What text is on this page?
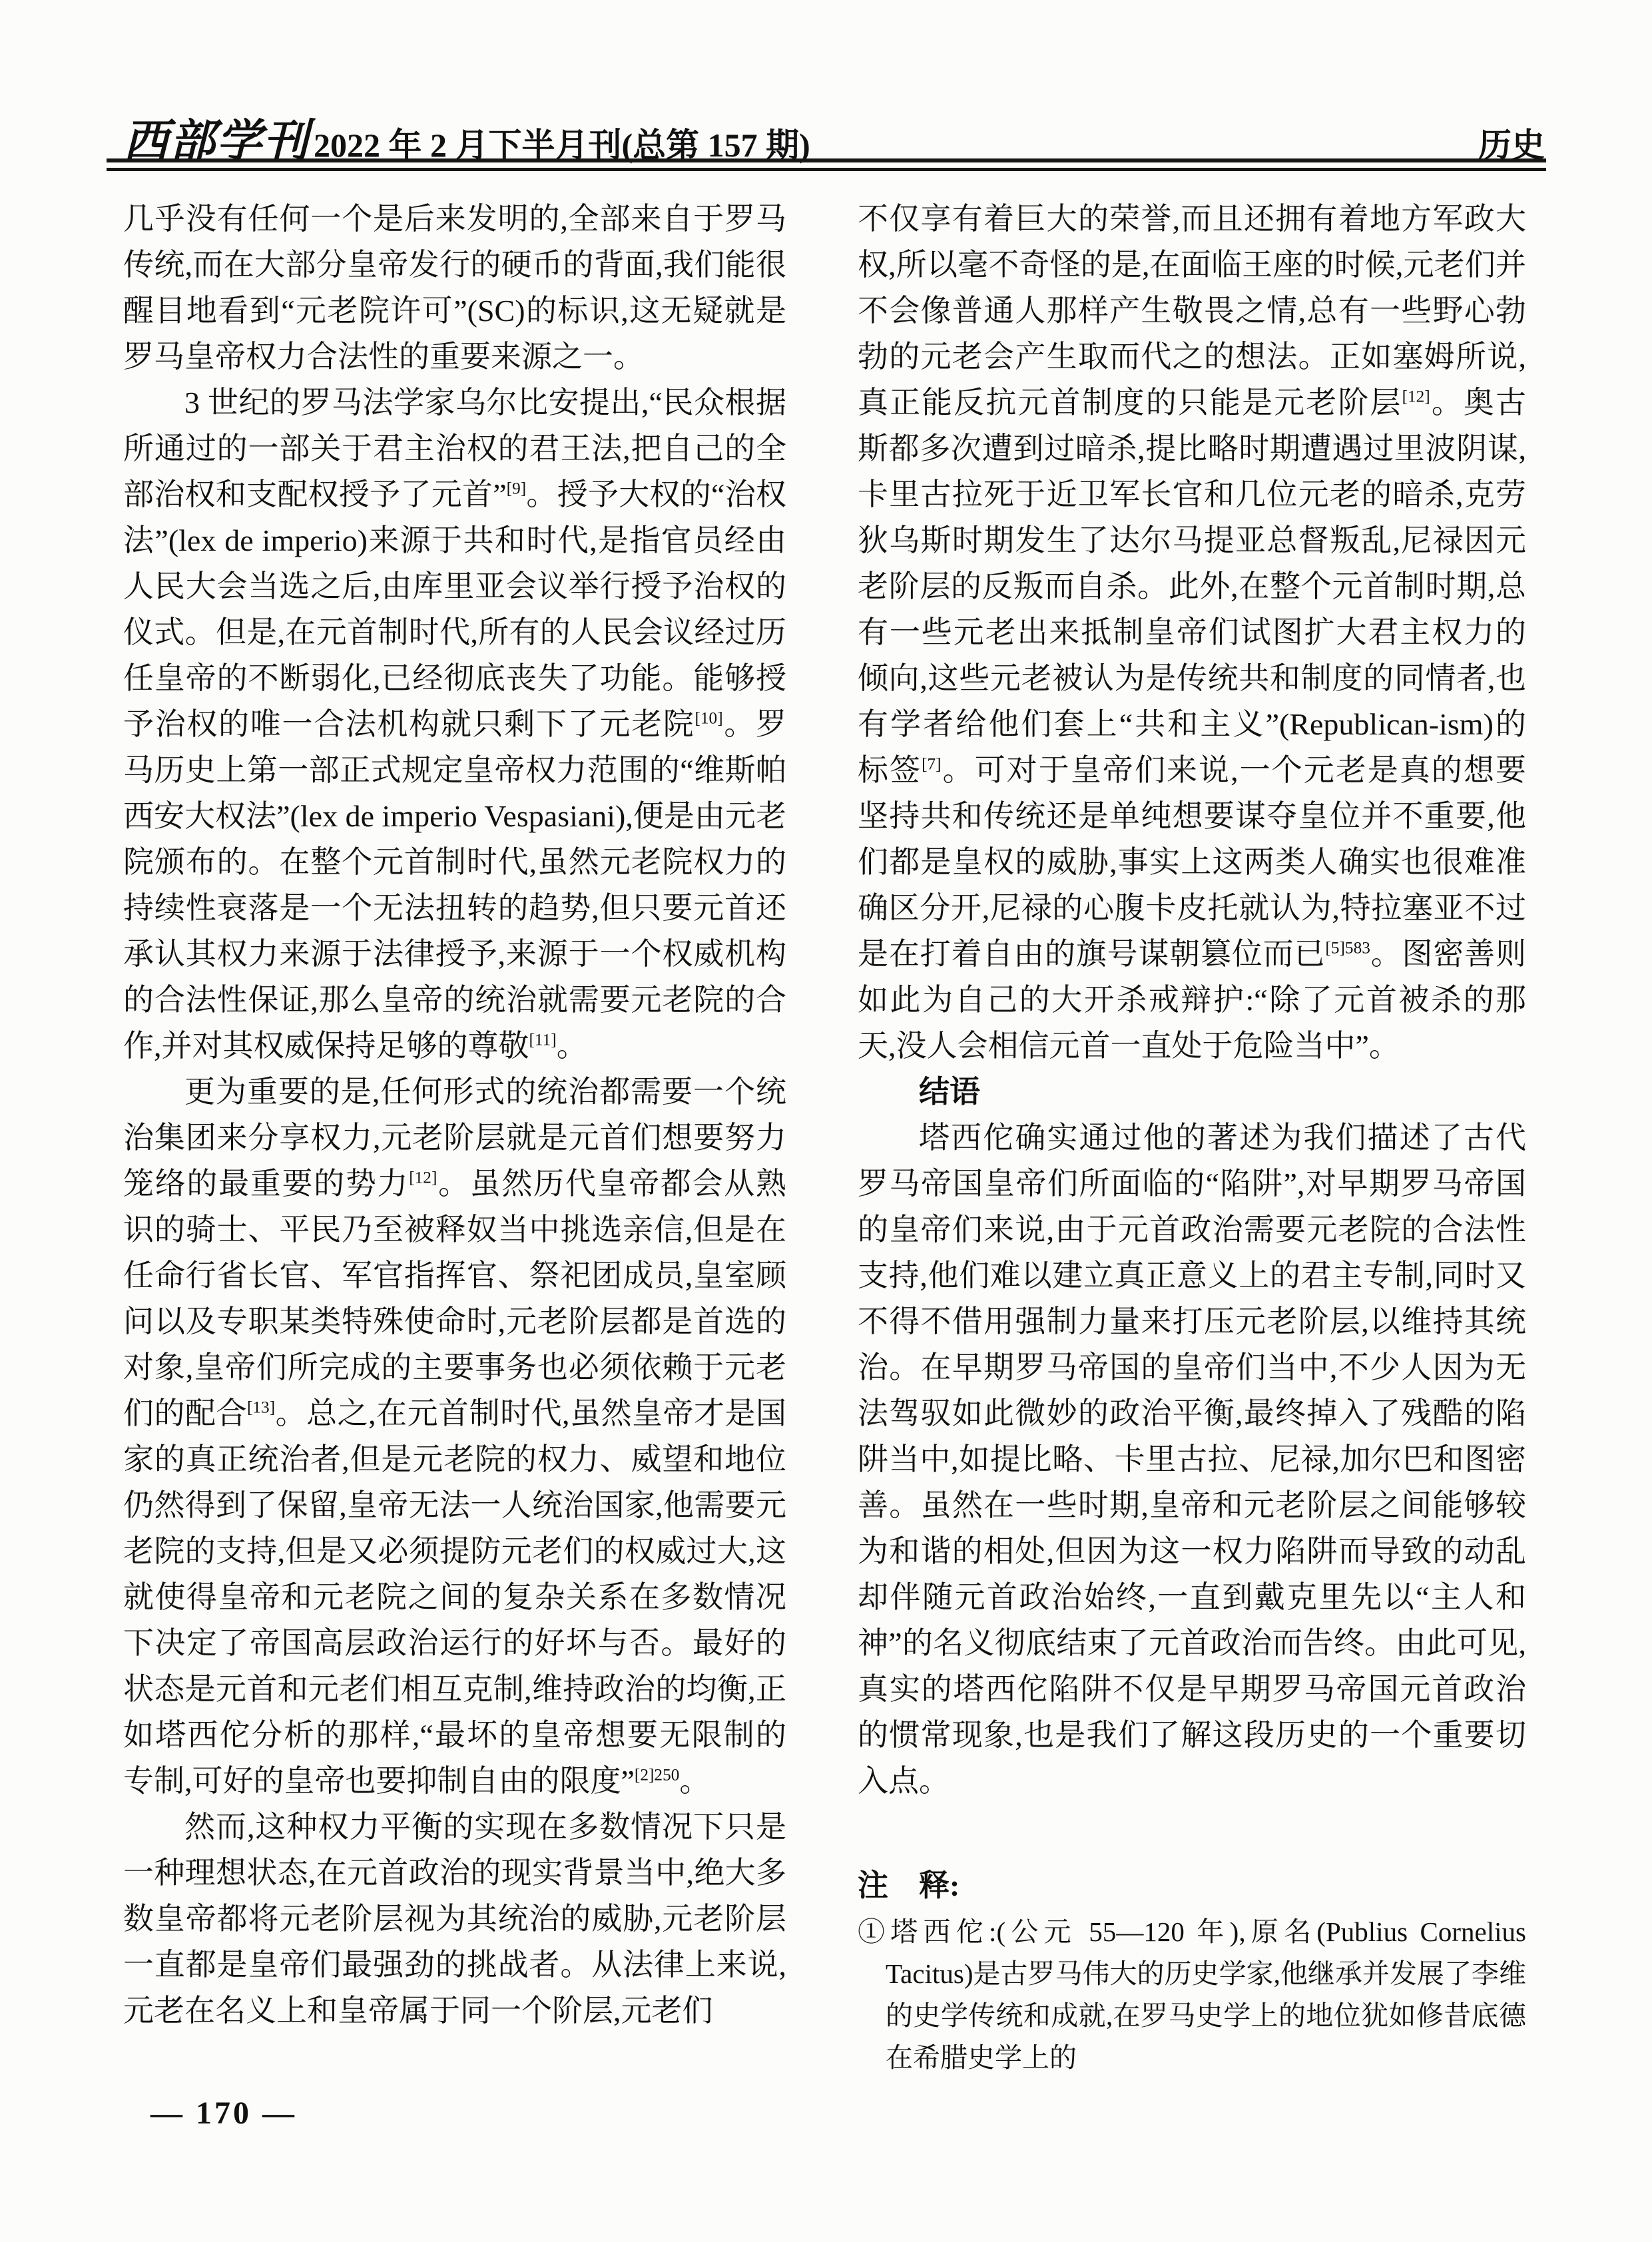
西部学刊 2022 年 2 月下半月刊(总第 157 期)	历史
几乎没有任何一个是后来发明的,全部来自于罗马传统,而在大部分皇帝发行的硬币的背面,我们能很醒目地看到“元老院许可”(SC)的标识,这无疑就是罗马皇帝权力合法性的重要来源之一。
3 世纪的罗马法学家乌尔比安提出,“民众根据所通过的一部关于君主治权的君王法,把自己的全部治权和支配权授予了元首”[9]。授予大权的“治权法”(lex de imperio)来源于共和时代,是指官员经由人民大会当选之后,由库里亚会议举行授予治权的仪式。但是,在元首制时代,所有的人民会议经过历任皇帝的不断弱化,已经彻底丧失了功能。能够授予治权的唯一合法机构就只剩下了元老院[10]。罗马历史上第一部正式规定皇帝权力范围的“维斯帕西安大权法”(lex de imperio Vespasiani),便是由元老院颁布的。在整个元首制时代,虽然元老院权力的持续性衰落是一个无法扭转的趋势,但只要元首还承认其权力来源于法律授予,来源于一个权威机构的合法性保证,那么皇帝的统治就需要元老院的合作,并对其权威保持足够的尊敬[11]。
更为重要的是,任何形式的统治都需要一个统治集团来分享权力,元老阶层就是元首们想要努力笼络的最重要的势力[12]。虽然历代皇帝都会从熟识的骑士、平民乃至被释奴当中挑选亲信,但是在任命行省长官、军官指挥官、祭祀团成员,皇室顾问以及专职某类特殊使命时,元老阶层都是首选的对象,皇帝们所完成的主要事务也必须依赖于元老们的配合[13]。总之,在元首制时代,虽然皇帝才是国家的真正统治者,但是元老院的权力、威望和地位仍然得到了保留,皇帝无法一人统治国家,他需要元老院的支持,但是又必须提防元老们的权威过大,这就使得皇帝和元老院之间的复杂关系在多数情况下决定了帝国高层政治运行的好坏与否。最好的状态是元首和元老们相互克制,维持政治的均衡,正如塔西佗分析的那样,“最坏的皇帝想要无限制的专制,可好的皇帝也要抑制自由的限度”$^{[2]250}$。
然而,这种权力平衡的实现在多数情况下只是一种理想状态,在元首政治的现实背景当中,绝大多数皇帝都将元老阶层视为其统治的威胁,元老阶层一直都是皇帝们最强劲的挑战者。从法律上来说,元老在名义上和皇帝属于同一个阶层,元老们
不仅享有着巨大的荣誉,而且还拥有着地方军政大权,所以毫不奇怪的是,在面临王座的时候,元老们并不会像普通人那样产生敬畏之情,总有一些野心勃勃的元老会产生取而代之的想法。正如塞姆所说,真正能反抗元首制度的只能是元老阶层[12]。奥古斯都多次遭到过暗杀,提比略时期遭遇过里波阴谋,卡里古拉死于近卫军长官和几位元老的暗杀,克劳狄乌斯时期发生了达尔马提亚总督叛乱,尼禄因元老阶层的反叛而自杀。此外,在整个元首制时期,总有一些元老出来抵制皇帝们试图扩大君主权力的倾向,这些元老被认为是传统共和制度的同情者,也有学者给他们套上“共和主义”(Republican-ism)的标签[7]。可对于皇帝们来说,一个元老是真的想要坚持共和传统还是单纯想要谋夺皇位并不重要,他们都是皇权的威胁,事实上这两类人确实也很难准确区分开,尼禄的心腹卡皮托就认为,特拉塞亚不过是在打着自由的旗号谋朝篡位而已$^{[5]583}$。图密善则如此为自己的大开杀戒辩护:“除了元首被杀的那天,没人会相信元首一直处于危险当中”。
结语
塔西佗确实通过他的著述为我们描述了古代罗马帝国皇帝们所面临的“陷阱”,对早期罗马帝国的皇帝们来说,由于元首政治需要元老院的合法性支持,他们难以建立真正意义上的君主专制,同时又不得不借用强制力量来打压元老阶层,以维持其统治。在早期罗马帝国的皇帝们当中,不少人因为无法驾驭如此微妙的政治平衡,最终掉入了残酷的陷阱当中,如提比略、卡里古拉、尼禄,加尔巴和图密善。虽然在一些时期,皇帝和元老阶层之间能够较为和谐的相处,但因为这一权力陷阱而导致的动乱却伴随元首政治始终,一直到戴克里先以“主人和神”的名义彻底结束了元首政治而告终。由此可见,真实的塔西佗陷阱不仅是早期罗马帝国元首政治的惯常现象,也是我们了解这段历史的一个重要切入点。
注　释:
①塔西佗:(公元 55—120 年),原名(Publius Cornelius Tacitus)是古罗马伟大的历史学家,他继承并发展了李维的史学传统和成就,在罗马史学上的地位犹如修昔底德在希腊史学上的
— 170 —
